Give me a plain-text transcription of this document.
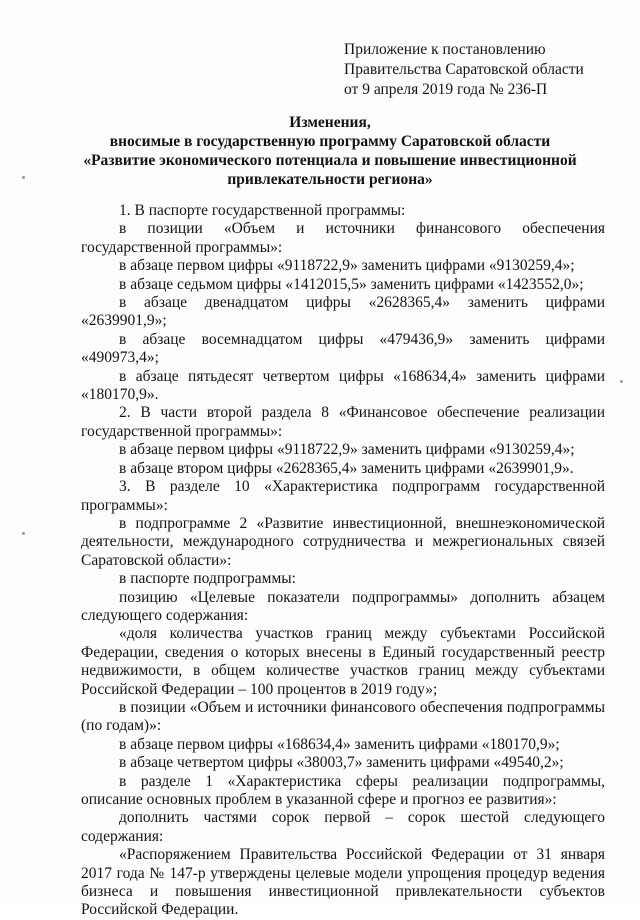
Приложение к постановлению
Правительства Саратовской области
от 9 апреля 2019 года № 236-П
Изменения,
вносимые в государственную программу Саратовской области
«Развитие экономического потенциала и повышение инвестиционной
привлекательности региона»

1. В паспорте государственной программы:

в позиции «Объем и источники финансового обеспечения государственной программы»:

в абзаце первом цифры «9118722,9» заменить цифрами «9130259,4»;

в абзаце седьмом цифры «1412015,5» заменить цифрами «1423552,0»;

в абзаце двенадцатом цифры «2628365,4» заменить цифрами «2639901,9»;

в абзаце восемнадцатом цифры «479436,9» заменить цифрами «490973,4»;

в абзаце пятьдесят четвертом цифры «168634,4» заменить цифрами «180170,9».

2. В части второй раздела 8 «Финансовое обеспечение реализации государственной программы»:

в абзаце первом цифры «9118722,9» заменить цифрами «9130259,4»;

в абзаце втором цифры «2628365,4» заменить цифрами «2639901,9».

3. В разделе 10 «Характеристика подпрограмм государственной программы»:

в подпрограмме 2 «Развитие инвестиционной, внешнеэкономической деятельности, международного сотрудничества и межрегиональных связей Саратовской области»:

в паспорте подпрограммы:

позицию «Целевые показатели подпрограммы» дополнить абзацем следующего содержания:

«доля количества участков границ между субъектами Российской Федерации, сведения о которых внесены в Единый государственный реестр недвижимости, в общем количестве участков границ между субъектами Российской Федерации – 100 процентов в 2019 году»;

в позиции «Объем и источники финансового обеспечения подпрограммы (по годам)»:

в абзаце первом цифры «168634,4» заменить цифрами «180170,9»;

в абзаце четвертом цифры «38003,7» заменить цифрами «49540,2»;

в разделе 1 «Характеристика сферы реализации подпрограммы, описание основных проблем в указанной сфере и прогноз ее развития»:

дополнить частями сорок первой – сорок шестой следующего содержания:

«Распоряжением Правительства Российской Федерации от 31 января 2017 года № 147-р утверждены целевые модели упрощения процедур ведения бизнеса и повышения инвестиционной привлекательности субъектов Российской Федерации.
